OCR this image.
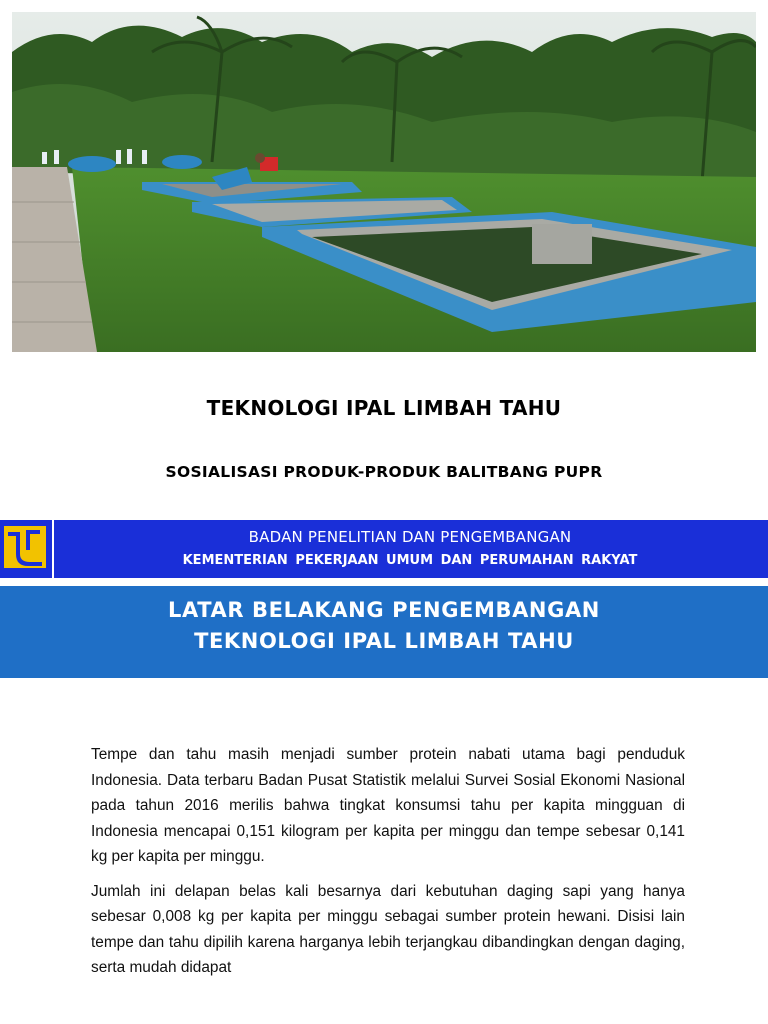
TEKNOLOGI IPAL LIMBAH TAHU
SOSIALISASI PRODUK-PRODUK BALITBANG PUPR
BADAN PENELITIAN DAN PENGEMBANGAN
KEMENTERIAN PEKERJAAN UMUM DAN PERUMAHAN RAKYAT
LATAR BELAKANG PENGEMBANGAN
TEKNOLOGI IPAL LIMBAH TAHU

Tempe dan tahu masih menjadi sumber protein nabati utama bagi penduduk Indonesia. Data terbaru Badan Pusat Statistik melalui Survei Sosial Ekonomi Nasional pada tahun 2016 merilis bahwa tingkat konsumsi tahu per kapita mingguan di Indonesia mencapai 0,151 kilogram per kapita per minggu dan tempe sebesar 0,141 kg per kapita per minggu.

Jumlah ini delapan belas kali besarnya dari kebutuhan daging sapi yang hanya sebesar 0,008 kg per kapita per minggu sebagai sumber protein hewani. Disisi lain tempe dan tahu dipilih karena harganya lebih terjangkau dibandingkan dengan daging, serta mudah didapat
